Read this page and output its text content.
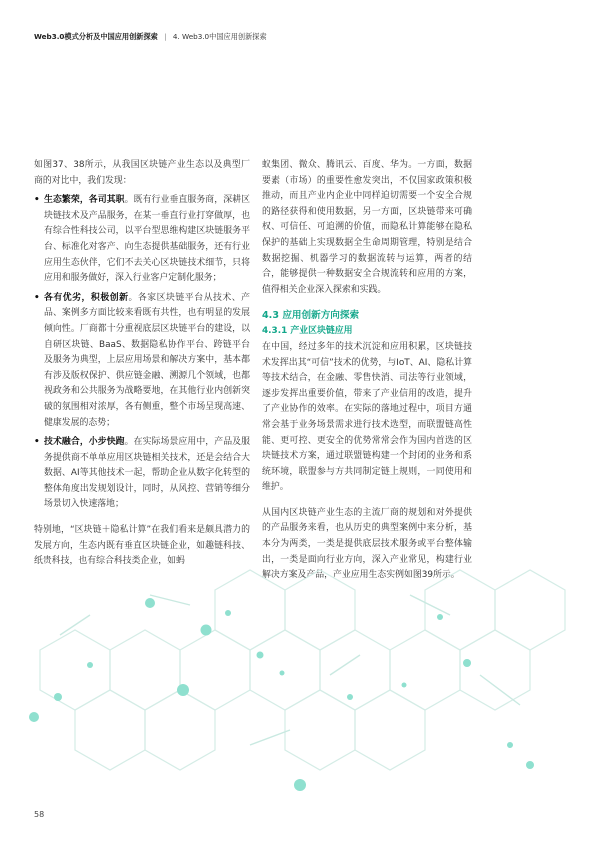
Web3.0模式分析及中国应用创新探索 | 4. Web3.0中国应用创新探索

如图37、38所示，从我国区块链产业生态以及典型厂商的对比中，我们发现：

• 生态繁荣，各司其职。既有行业垂直服务商，深耕区块链技术及产品服务，在某一垂直行业打穿做厚，也有综合性科技公司，以平台型思维构建区块链服务平台、标准化对客产、向生态提供基础服务，还有行业应用生态伙伴，它们不去关心区块链技术细节，只将应用和服务做好，深入行业客户定制化服务；
• 各有优劣，积极创新。各家区块链平台从技术、产品、案例多方面比较来看既有共性，也有明显的发展倾向性。厂商都十分重视底层区块链平台的建设，以自研区块链、BaaS、数据隐私协作平台、跨链平台及服务为典型，上层应用场景和解决方案中，基本都有涉及版权保护、供应链金融、溯源几个领域，也都视政务和公共服务为战略要地，在其他行业内创新突破的氛围相对浓厚，各有侧重，整个市场呈现高速、健康发展的态势；
• 技术融合，小步快跑。在实际场景应用中，产品及服务提供商不单单应用区块链相关技术，还是会结合大数据、AI等其他技术一起，帮助企业从数字化转型的整体角度出发规划设计，同时，从风控、营销等细分场景切入快速落地；

特别地，“区块链＋隐私计算”在我们看来是颇具潜力的发展方向，生态内既有垂直区块链企业，如趣链科技、纸贵科技，也有综合科技类企业，如蚂

蚁集团、微众、腾讯云、百度、华为。一方面，数据要素（市场）的重要性愈发突出，不仅国家政策积极推动，而且产业内企业中同样迫切需要一个安全合规的路径获得和使用数据，另一方面，区块链带来可确权、可信任、可追溯的价值，而隐私计算能够在隐私保护的基础上实现数据全生命周期管理，特别是结合数据挖掘、机器学习的数据流转与运算，两者的结合，能够提供一种数据安全合规流转和应用的方案，值得相关企业深入探索和实践。

4.3 应用创新方向探索
4.3.1 产业区块链应用

在中国，经过多年的技术沉淀和应用积累，区块链技术发挥出其“可信”技术的优势，与IoT、AI、隐私计算等技术结合，在金融、零售快消、司法等行业领域，逐步发挥出重要价值，带来了产业信用的改造，提升了产业协作的效率。在实际的落地过程中，项目方通常会基于业务场景需求进行技术选型，而联盟链高性能、更可控、更安全的优势常常会作为国内首选的区块链技术方案，通过联盟链构建一个封闭的业务和系统环境，联盟参与方共同制定链上规则，一同使用和维护。

从国内区块链产业生态的主流厂商的规划和对外提供的产品服务来看，也从历史的典型案例中来分析，基本分为两类，一类是提供底层技术服务或平台整体输出，一类是面向行业方向，深入产业常见，构建行业解决方案及产品，产业应用生态实例如图39所示。

58
